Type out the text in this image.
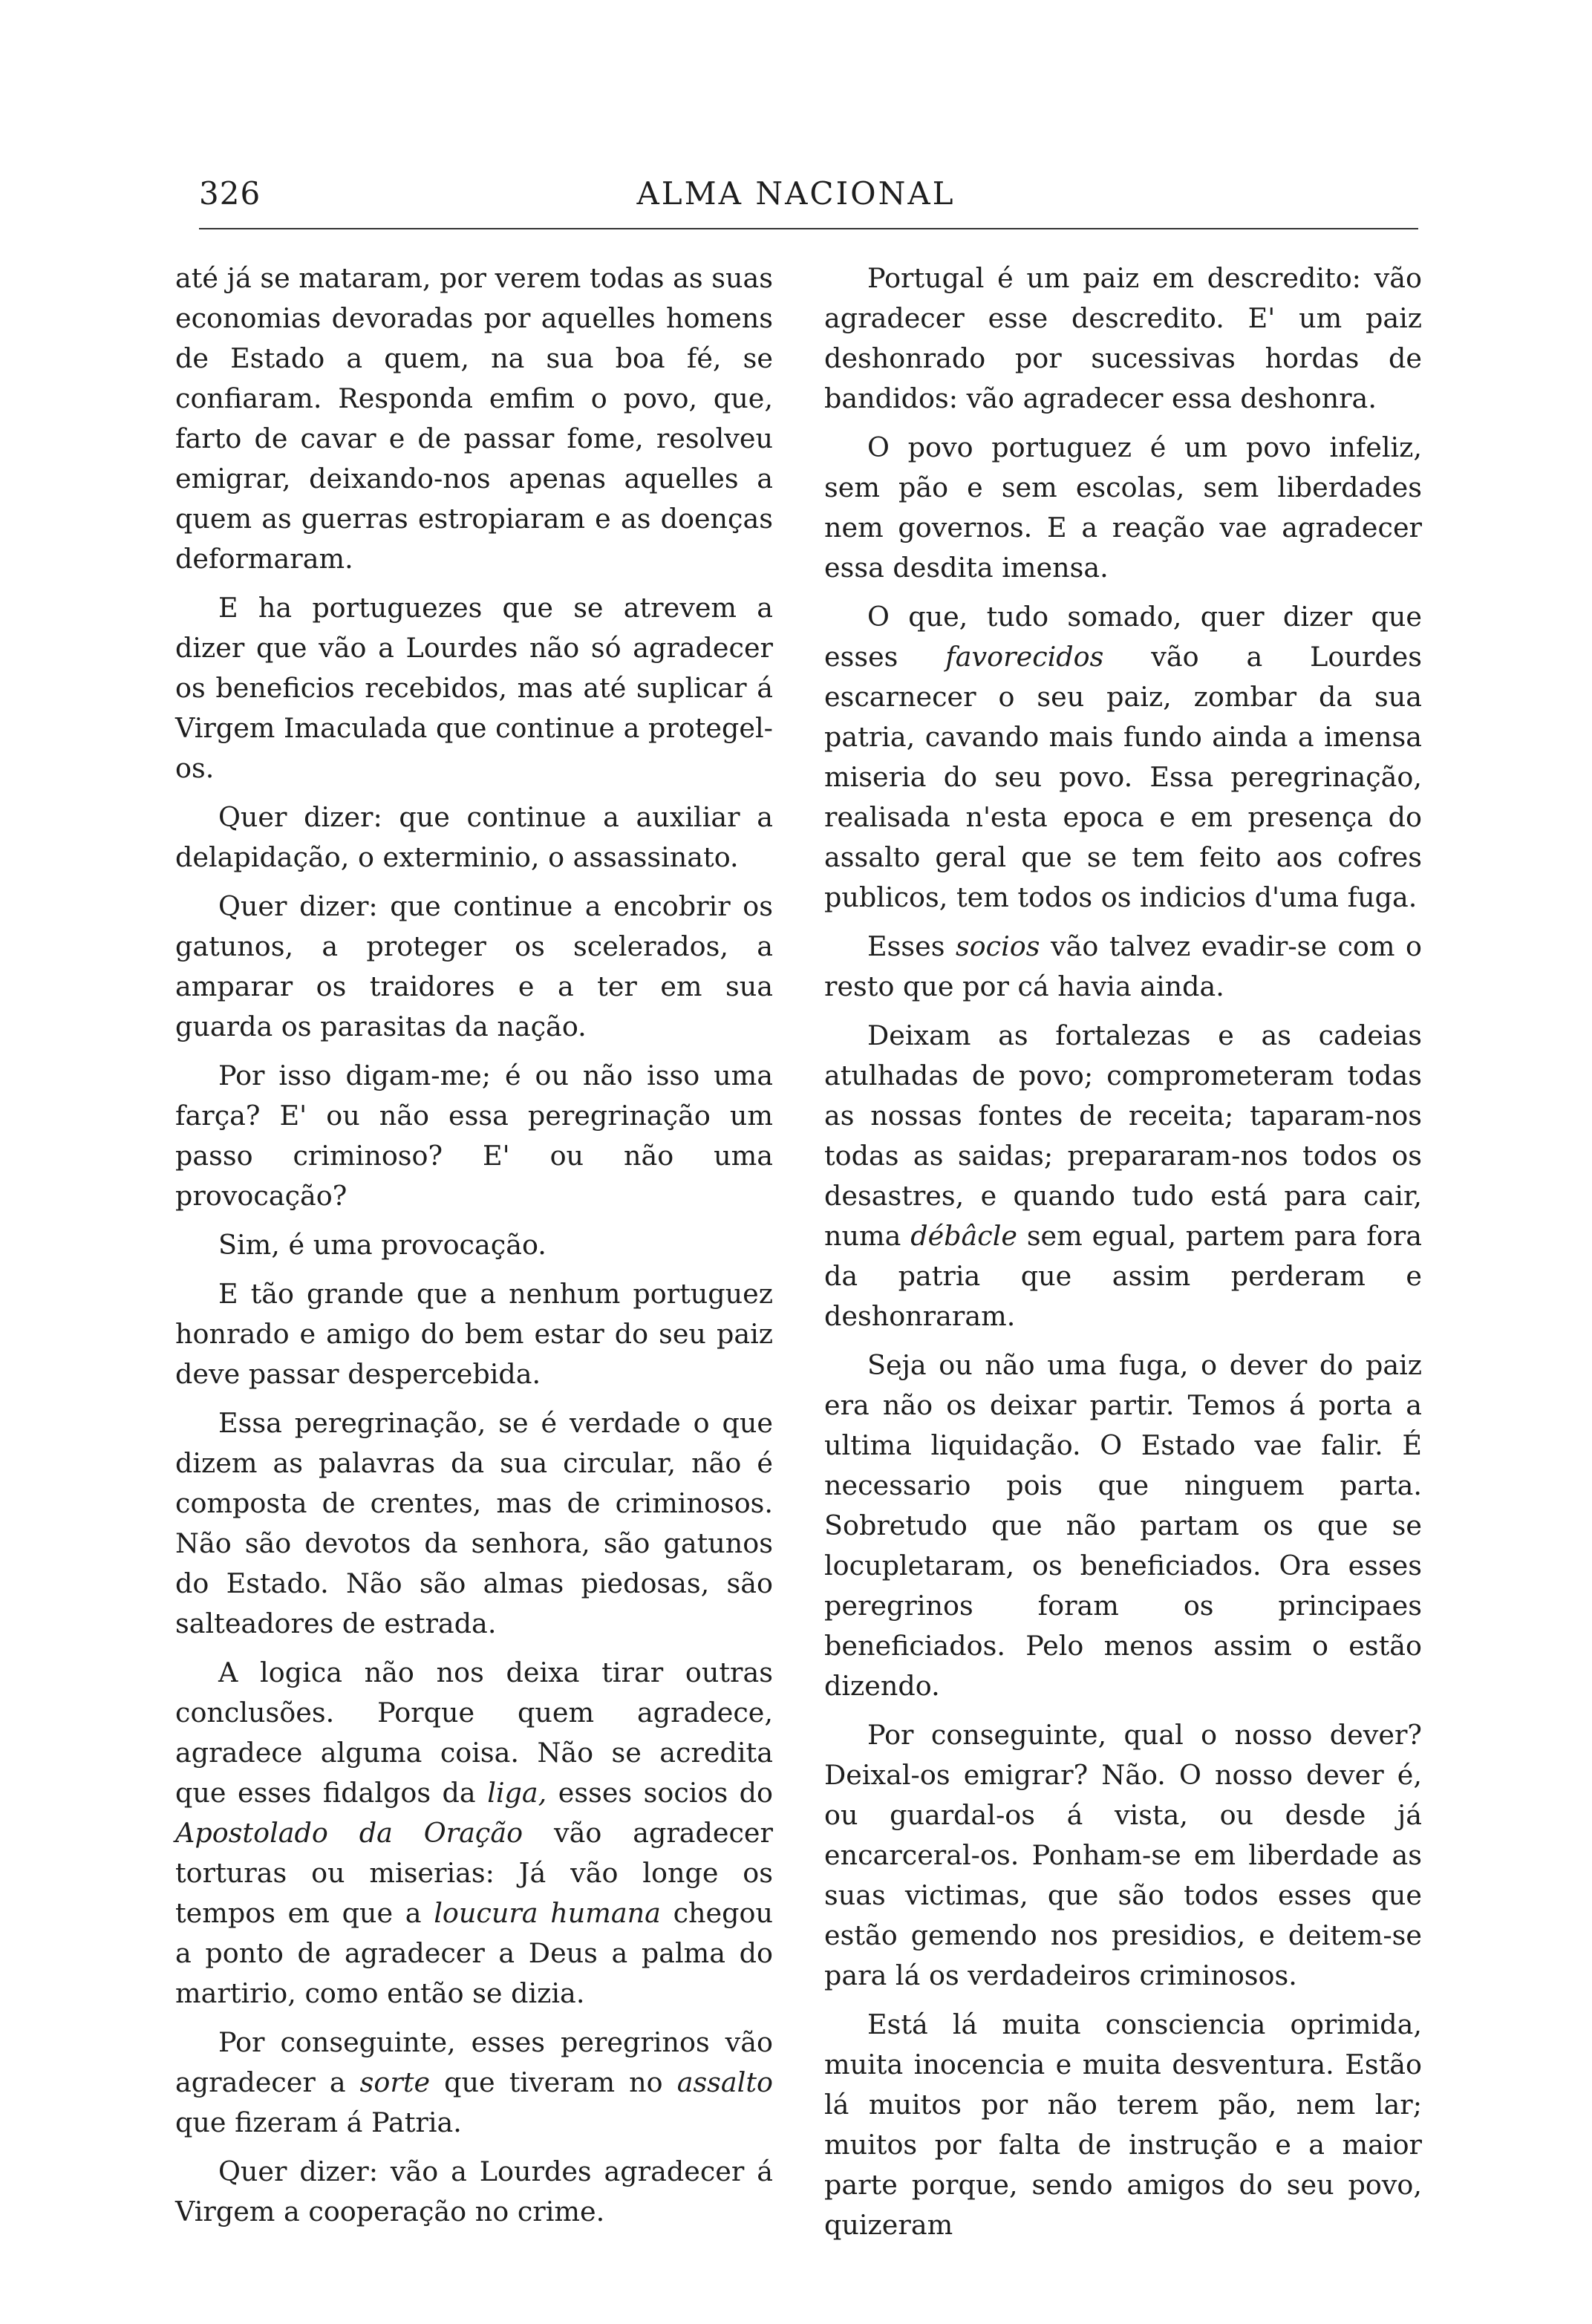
326	ALMA NACIONAL

até já se mataram, por verem todas as suas economias devoradas por aquelles homens de Estado a quem, na sua boa fé, se confiaram. Responda emfim o povo, que, farto de cavar e de passar fome, resolveu emigrar, deixando-nos apenas aquelles a quem as guerras estropiaram e as doenças deformaram.

E ha portuguezes que se atrevem a dizer que vão a Lourdes não só agradecer os beneficios recebidos, mas até suplicar á Virgem Imaculada que continue a protegel-os.

Quer dizer: que continue a auxiliar a delapidação, o exterminio, o assassinato.

Quer dizer: que continue a encobrir os gatunos, a proteger os scelerados, a amparar os traidores e a ter em sua guarda os parasitas da nação.

Por isso digam-me; é ou não isso uma farça? E' ou não essa peregrinação um passo criminoso? E' ou não uma provocação?

Sim, é uma provocação.

E tão grande que a nenhum portuguez honrado e amigo do bem estar do seu paiz deve passar despercebida.

Essa peregrinação, se é verdade o que dizem as palavras da sua circular, não é composta de crentes, mas de criminosos. Não são devotos da senhora, são gatunos do Estado. Não são almas piedosas, são salteadores de estrada.

A logica não nos deixa tirar outras conclusões. Porque quem agradece, agradece alguma coisa. Não se acredita que esses fidalgos da liga, esses socios do Apostolado da Oração vão agradecer torturas ou miserias: Já vão longe os tempos em que a loucura humana chegou a ponto de agradecer a Deus a palma do martirio, como então se dizia.

Por conseguinte, esses peregrinos vão agradecer a sorte que tiveram no assalto que fizeram á Patria.

Quer dizer: vão a Lourdes agradecer á Virgem a cooperação no crime.

Portugal é um paiz em descredito: vão agradecer esse descredito. E' um paiz deshonrado por sucessivas hordas de bandidos: vão agradecer essa deshonra.

O povo portuguez é um povo infeliz, sem pão e sem escolas, sem liberdades nem governos. E a reação vae agradecer essa desdita imensa.

O que, tudo somado, quer dizer que esses favorecidos vão a Lourdes escarnecer o seu paiz, zombar da sua patria, cavando mais fundo ainda a imensa miseria do seu povo. Essa peregrinação, realisada n'esta epoca e em presença do assalto geral que se tem feito aos cofres publicos, tem todos os indicios d'uma fuga.

Esses socios vão talvez evadir-se com o resto que por cá havia ainda.

Deixam as fortalezas e as cadeias atulhadas de povo; comprometeram todas as nossas fontes de receita; taparam-nos todas as saidas; prepararam-nos todos os desastres, e quando tudo está para cair, numa débâcle sem egual, partem para fora da patria que assim perderam e deshonraram.

Seja ou não uma fuga, o dever do paiz era não os deixar partir. Temos á porta a ultima liquidação. O Estado vae falir. É necessario pois que ninguem parta. Sobretudo que não partam os que se locupletaram, os beneficiados. Ora esses peregrinos foram os principaes beneficiados. Pelo menos assim o estão dizendo.

Por conseguinte, qual o nosso dever? Deixal-os emigrar? Não. O nosso dever é, ou guardal-os á vista, ou desde já encarceral-os. Ponham-se em liberdade as suas victimas, que são todos esses que estão gemendo nos presidios, e deitem-se para lá os verdadeiros criminosos.

Está lá muita consciencia oprimida, muita inocencia e muita desventura. Estão lá muitos por não terem pão, nem lar; muitos por falta de instrução e a maior parte porque, sendo amigos do seu povo, quizeram
